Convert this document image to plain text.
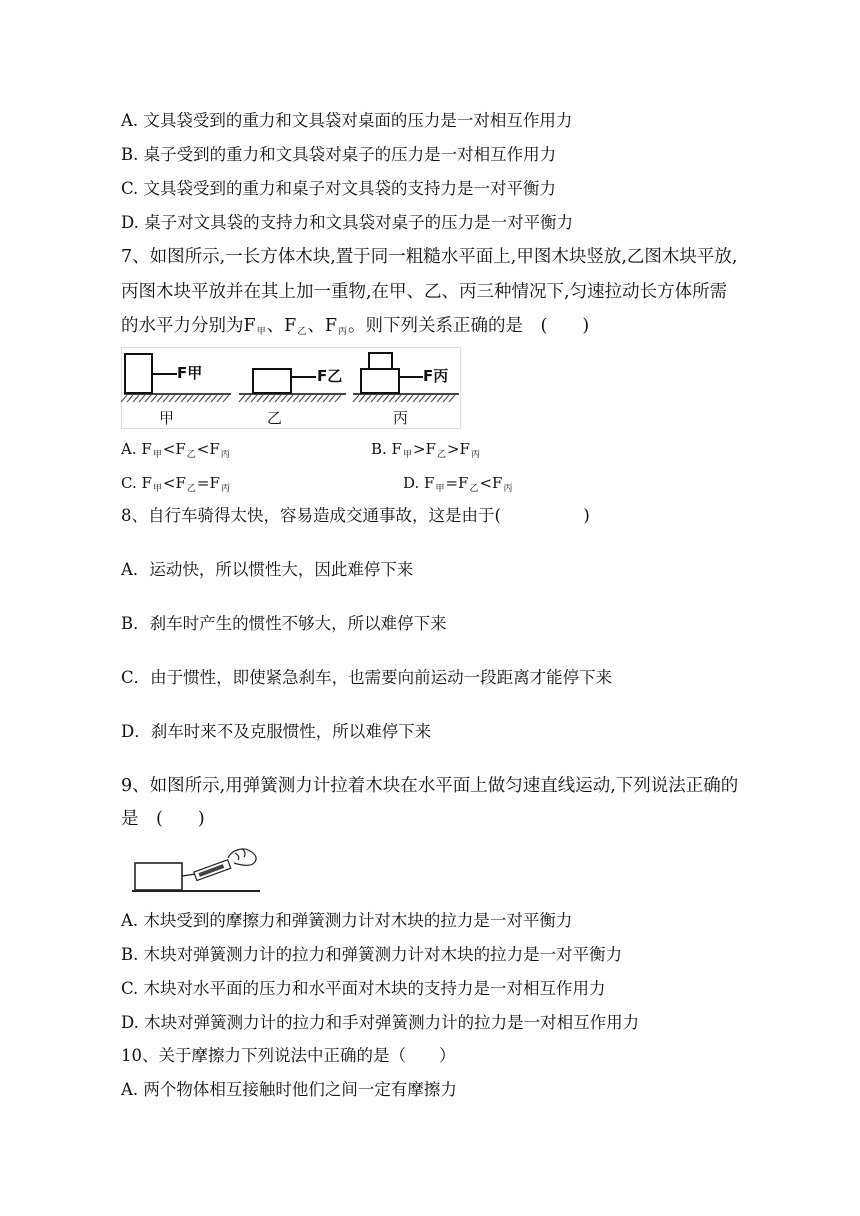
A. 文具袋受到的重力和文具袋对桌面的压力是一对相互作用力
B. 桌子受到的重力和文具袋对桌子的压力是一对相互作用力
C. 文具袋受到的重力和桌子对文具袋的支持力是一对平衡力
D. 桌子对文具袋的支持力和文具袋对桌子的压力是一对平衡力
7、如图所示,一长方体木块,置于同一粗糙水平面上,甲图木块竖放,乙图木块平放,
丙图木块平放并在其上加一重物,在甲、乙、丙三种情况下,匀速拉动长方体所需
的水平力分别为$F_甲$、$F_乙$、$F_丙$。则下列关系正确的是　(　　)
F甲	F乙	F丙
甲	乙	丙
A. $F_甲<F_乙<F_丙$	B. $F_甲>F_乙>F_丙$
C. $F_甲<F_乙=F_丙$	D. $F_甲=F_乙<F_丙$
8、自行车骑得太快，容易造成交通事故，这是由于(　　　　　)
A．运动快，所以惯性大，因此难停下来
B．刹车时产生的惯性不够大，所以难停下来
C．由于惯性，即使紧急刹车，也需要向前运动一段距离才能停下来
D．刹车时来不及克服惯性，所以难停下来
9、如图所示,用弹簧测力计拉着木块在水平面上做匀速直线运动,下列说法正确的
是　(　　)
A. 木块受到的摩擦力和弹簧测力计对木块的拉力是一对平衡力
B. 木块对弹簧测力计的拉力和弹簧测力计对木块的拉力是一对平衡力
C. 木块对水平面的压力和水平面对木块的支持力是一对相互作用力
D. 木块对弹簧测力计的拉力和手对弹簧测力计的拉力是一对相互作用力
10、关于摩擦力下列说法中正确的是（　　）
A. 两个物体相互接触时他们之间一定有摩擦力
